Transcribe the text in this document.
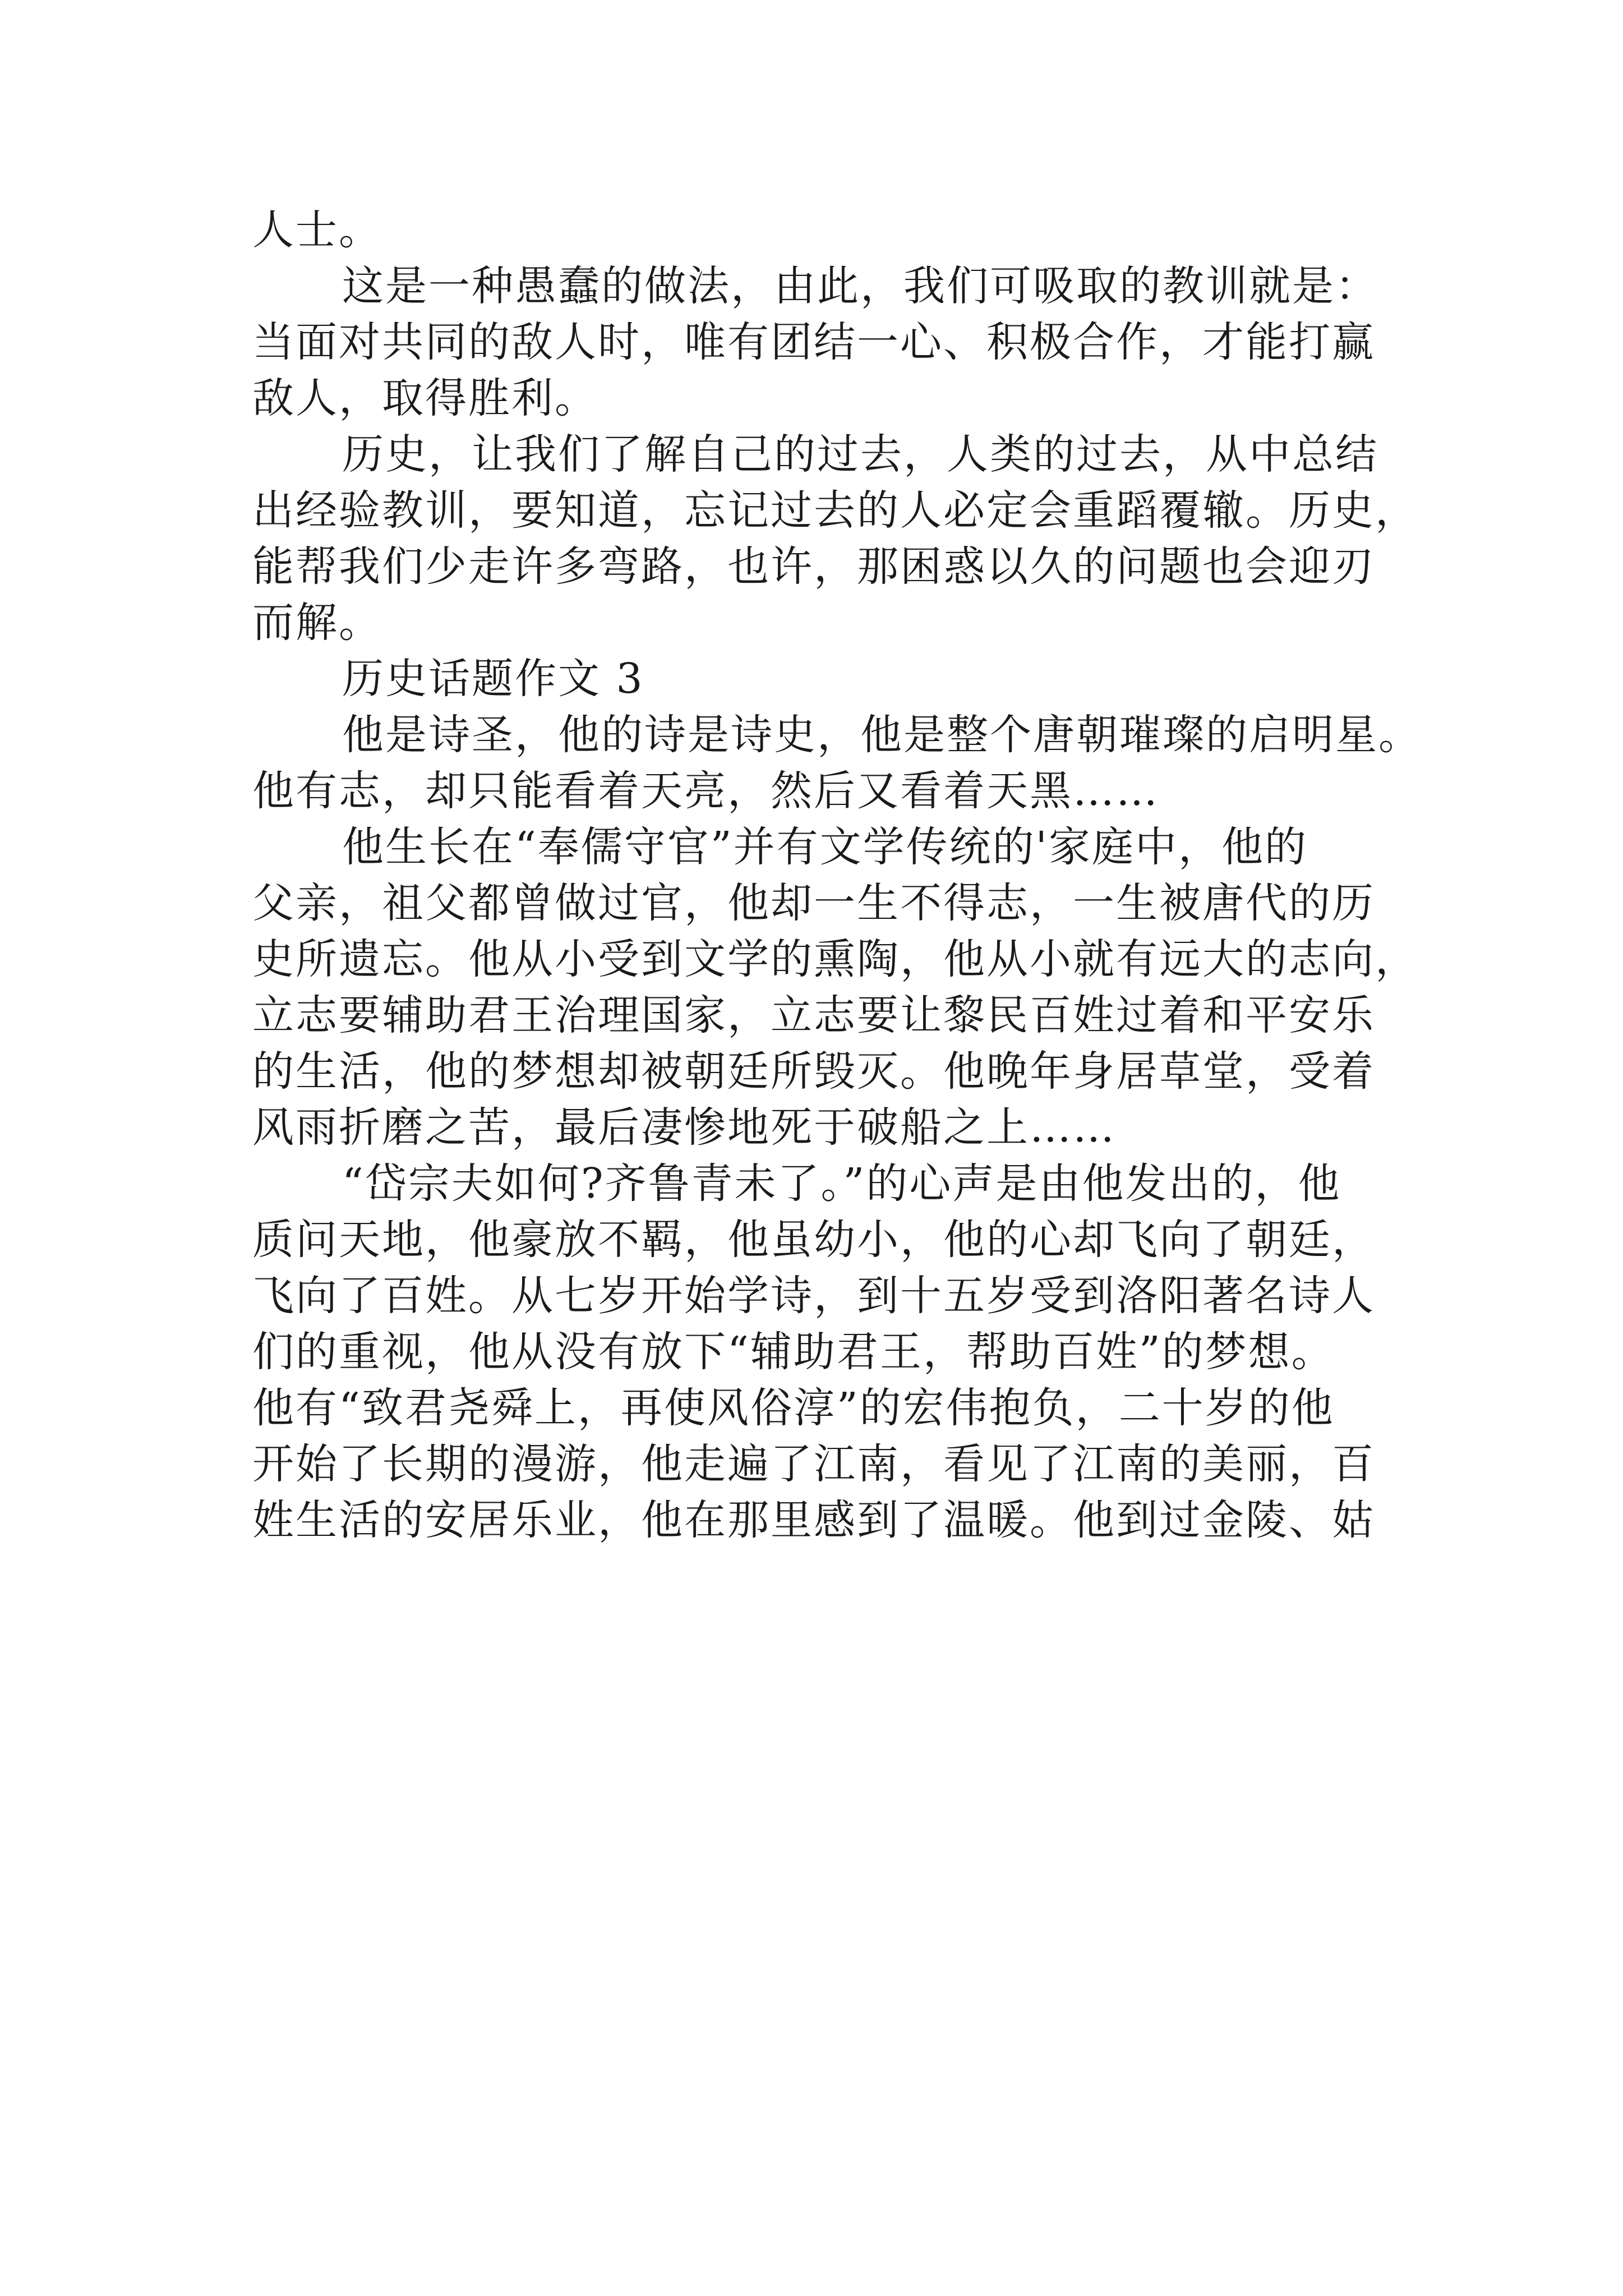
人士。
这是一种愚蠢的做法，由此，我们可吸取的教训就是：
当面对共同的敌人时，唯有团结一心、积极合作，才能打赢
敌人，取得胜利。
历史，让我们了解自己的过去，人类的过去，从中总结
出经验教训，要知道，忘记过去的人必定会重蹈覆辙。历史，
能帮我们少走许多弯路，也许，那困惑以久的问题也会迎刃
而解。
历史话题作文 3
他是诗圣，他的诗是诗史，他是整个唐朝璀璨的启明星。
他有志，却只能看着天亮，然后又看着天黑……
他生长在“奉儒守官”并有文学传统的'家庭中，他的
父亲，祖父都曾做过官，他却一生不得志，一生被唐代的历
史所遗忘。他从小受到文学的熏陶，他从小就有远大的志向，
立志要辅助君王治理国家，立志要让黎民百姓过着和平安乐
的生活，他的梦想却被朝廷所毁灭。他晚年身居草堂，受着
风雨折磨之苦，最后凄惨地死于破船之上……
“岱宗夫如何?齐鲁青未了。”的心声是由他发出的，他
质问天地，他豪放不羁，他虽幼小，他的心却飞向了朝廷，
飞向了百姓。从七岁开始学诗，到十五岁受到洛阳著名诗人
们的重视，他从没有放下“辅助君王，帮助百姓”的梦想。
他有“致君尧舜上，再使风俗淳”的宏伟抱负，二十岁的他
开始了长期的漫游，他走遍了江南，看见了江南的美丽，百
姓生活的安居乐业，他在那里感到了温暖。他到过金陵、姑
